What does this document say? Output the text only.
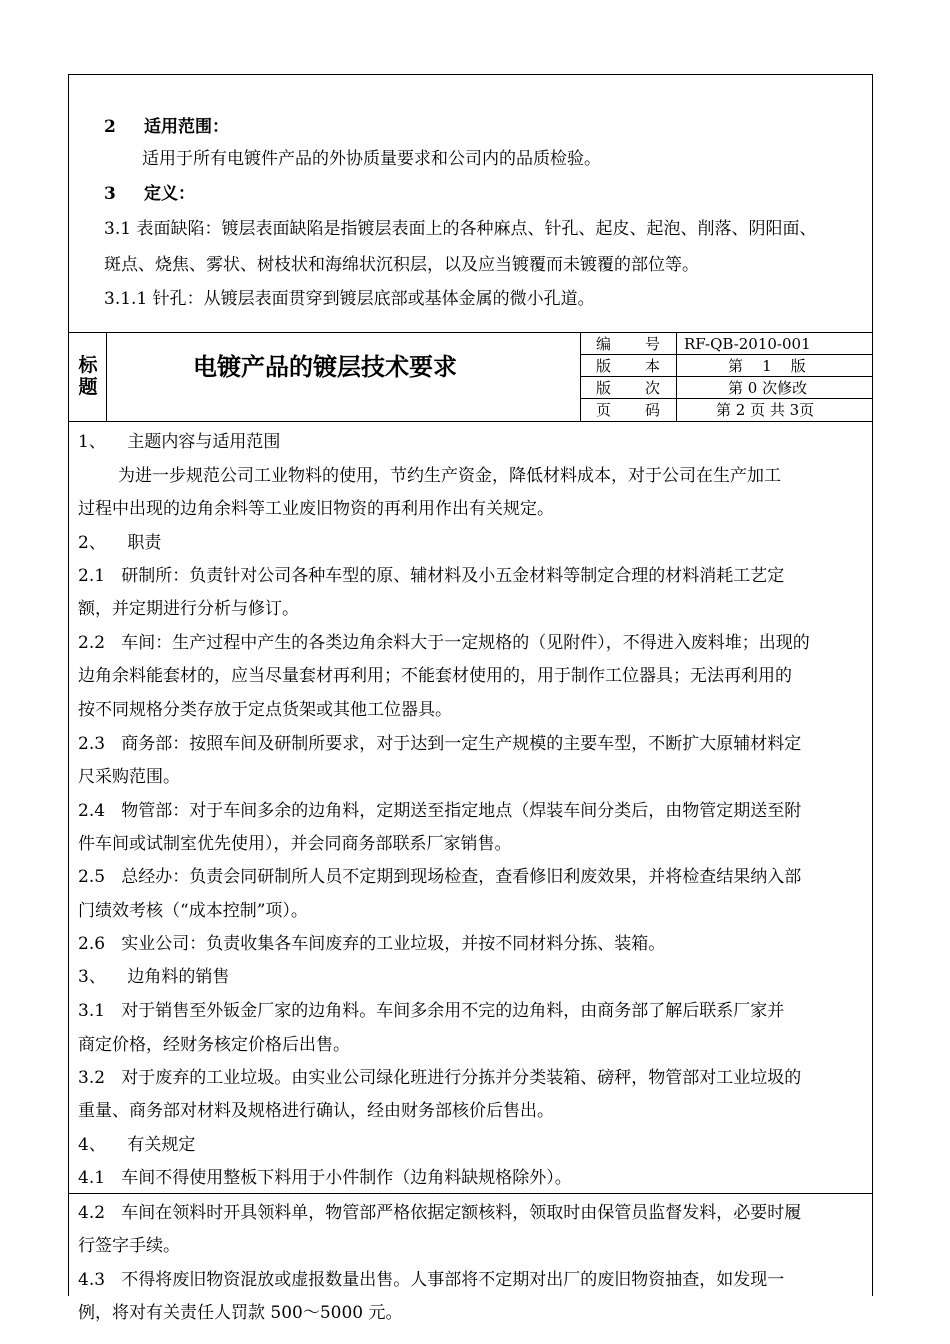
2 适用范围：
适用于所有电镀件产品的外协质量要求和公司内的品质检验。
3 定义：
3.1 表面缺陷：镀层表面缺陷是指镀层表面上的各种麻点、针孔、起皮、起泡、削落、阴阳面、
斑点、烧焦、雾状、树枝状和海绵状沉积层，以及应当镀覆而未镀覆的部位等。
3.1.1 针孔：从镀层表面贯穿到镀层底部或基体金属的微小孔道。
标
题
电镀产品的镀层技术要求
编 号 RF-QB-2010-001
版 本	第    1    版
版 次	第 0 次修改
页 码	第 2 页 共 3页
1、    主题内容与适用范围
为进一步规范公司工业物料的使用，节约生产资金，降低材料成本，对于公司在生产加工
过程中出现的边角余料等工业废旧物资的再利用作出有关规定。
2、    职责
2.1   研制所：负责针对公司各种车型的原、辅材料及小五金材料等制定合理的材料消耗工艺定
额，并定期进行分析与修订。
2.2   车间：生产过程中产生的各类边角余料大于一定规格的（见附件），不得进入废料堆；出现的
边角余料能套材的，应当尽量套材再利用；不能套材使用的，用于制作工位器具；无法再利用的
按不同规格分类存放于定点货架或其他工位器具。
2.3   商务部：按照车间及研制所要求，对于达到一定生产规模的主要车型，不断扩大原辅材料定
尺采购范围。
2.4   物管部：对于车间多余的边角料，定期送至指定地点（焊装车间分类后，由物管定期送至附
件车间或试制室优先使用），并会同商务部联系厂家销售。
2.5   总经办：负责会同研制所人员不定期到现场检查，查看修旧利废效果，并将检查结果纳入部
门绩效考核（“成本控制”项）。
2.6   实业公司：负责收集各车间废弃的工业垃圾，并按不同材料分拣、装箱。
3、    边角料的销售
3.1   对于销售至外钣金厂家的边角料。车间多余用不完的边角料，由商务部了解后联系厂家并
商定价格，经财务核定价格后出售。
3.2   对于废弃的工业垃圾。由实业公司绿化班进行分拣并分类装箱、磅秤，物管部对工业垃圾的
重量、商务部对材料及规格进行确认，经由财务部核价后售出。
4、    有关规定
4.1   车间不得使用整板下料用于小件制作（边角料缺规格除外）。
4.2   车间在领料时开具领料单，物管部严格依据定额核料，领取时由保管员监督发料，必要时履
行签字手续。
4.3   不得将废旧物资混放或虚报数量出售。人事部将不定期对出厂的废旧物资抽查，如发现一
例，将对有关责任人罚款 500～5000 元。
